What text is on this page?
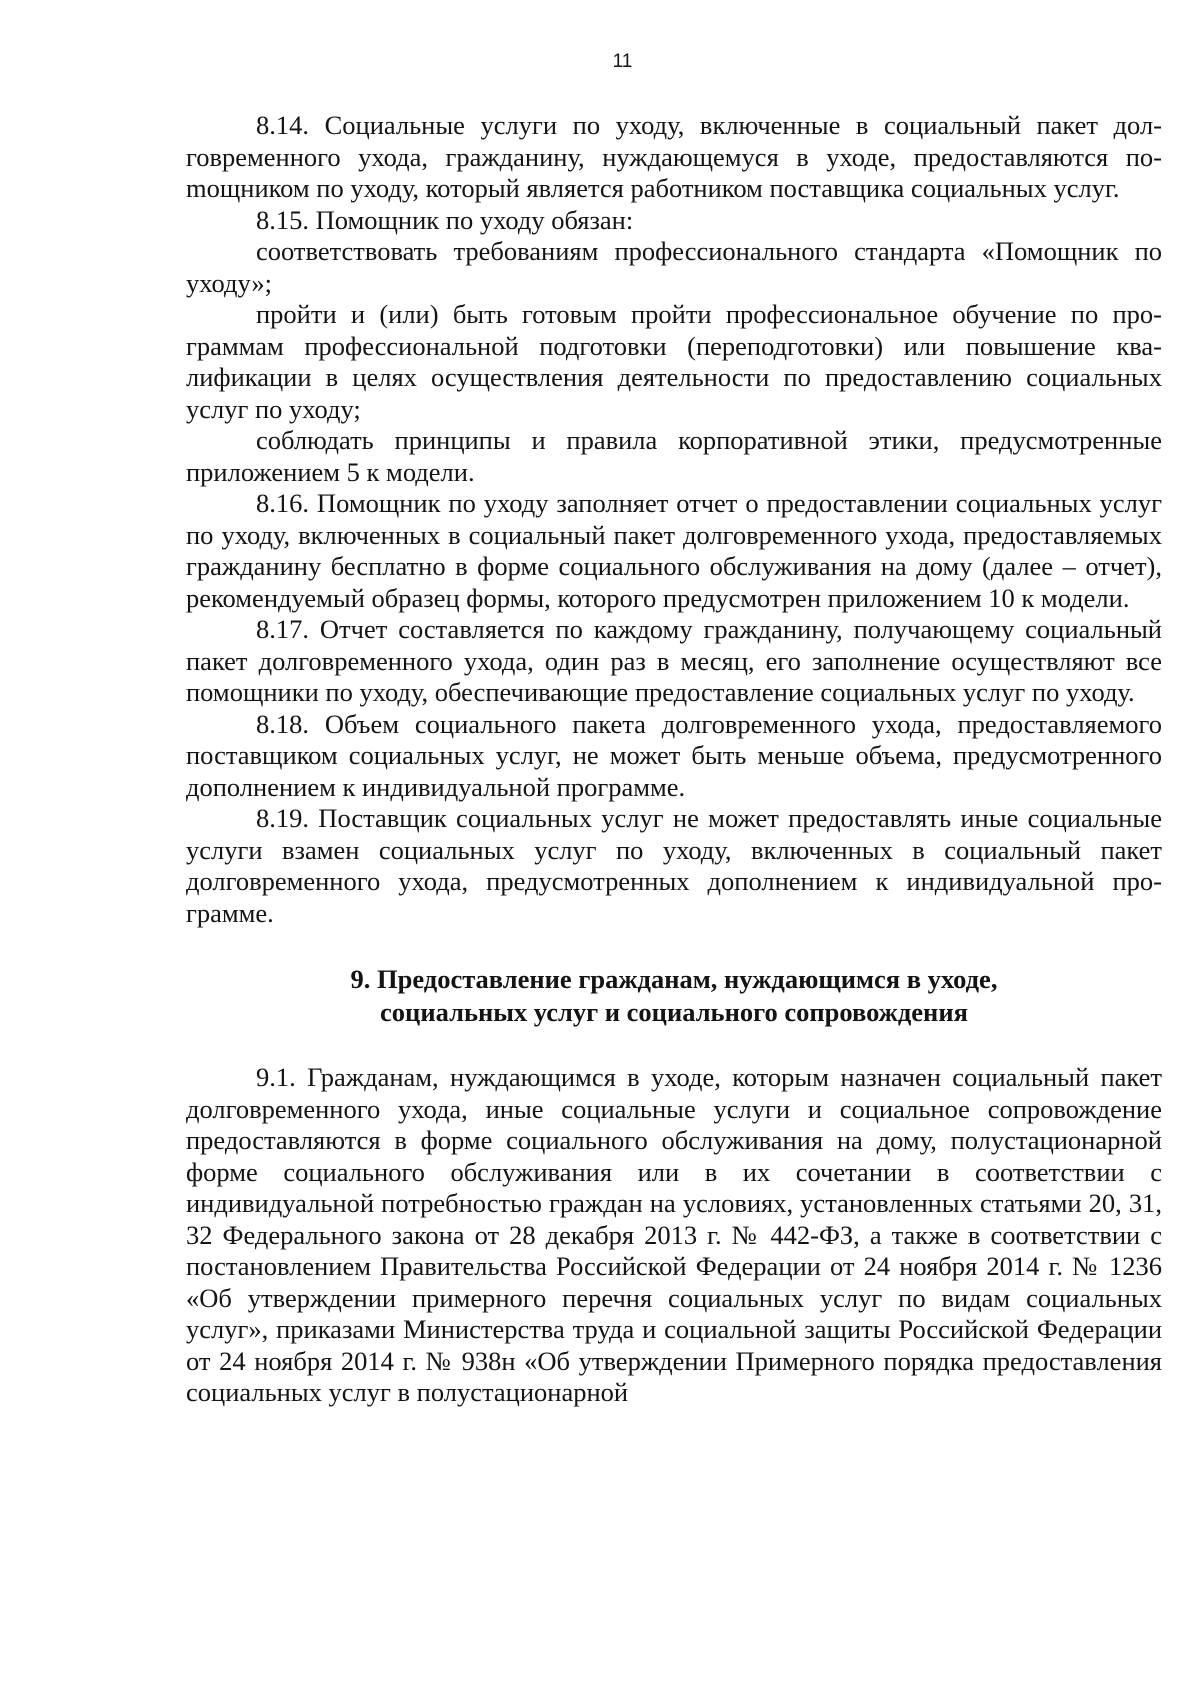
11

8.14. Социальные услуги по уходу, включенные в социальный пакет долговременного ухода, гражданину, нуждающемуся в уходе, предоставляются поmощником по уходу, который является работником поставщика социальных услуг.

8.15. Помощник по уходу обязан:

соответствовать требованиям профессионального стандарта «Помощник по уходу»;

пройти и (или) быть готовым пройти профессиональное обучение по программам профессиональной подготовки (переподготовки) или повышение квалификации в целях осуществления деятельности по предоставлению социальных услуг по уходу;

соблюдать принципы и правила корпоративной этики, предусмотренные приложением 5 к модели.

8.16. Помощник по уходу заполняет отчет о предоставлении социальных услуг по уходу, включенных в социальный пакет долговременного ухода, предоставляемых гражданину бесплатно в форме социального обслуживания на дому (далее – отчет), рекомендуемый образец формы, которого предусмотрен приложением 10 к модели.

8.17. Отчет составляется по каждому гражданину, получающему социальный пакет долговременного ухода, один раз в месяц, его заполнение осуществляют все помощники по уходу, обеспечивающие предоставление социальных услуг по уходу.

8.18. Объем социального пакета долговременного ухода, предоставляемого поставщиком социальных услуг, не может быть меньше объема, предусмотренного дополнением к индивидуальной программе.

8.19. Поставщик социальных услуг не может предоставлять иные социальные услуги взамен социальных услуг по уходу, включенных в социальный пакет долговременного ухода, предусмотренных дополнением к индивидуальной программе.

9. Предоставление гражданам, нуждающимся в уходе,
социальных услуг и социального сопровождения

9.1. Гражданам, нуждающимся в уходе, которым назначен социальный пакет долговременного ухода, иные социальные услуги и социальное сопровождение предоставляются в форме социального обслуживания на дому, полустационарной форме социального обслуживания или в их сочетании в соответствии с индивидуальной потребностью граждан на условиях, установленных статьями 20, 31, 32 Федерального закона от 28 декабря 2013 г. № 442-ФЗ, а также в соответствии с постановлением Правительства Российской Федерации от 24 ноября 2014 г. № 1236 «Об утверждении примерного перечня социальных услуг по видам социальных услуг», приказами Министерства труда и социальной защиты Российской Федерации от 24 ноября 2014 г. № 938н «Об утверждении Примерного порядка предоставления социальных услуг в полустационарной
